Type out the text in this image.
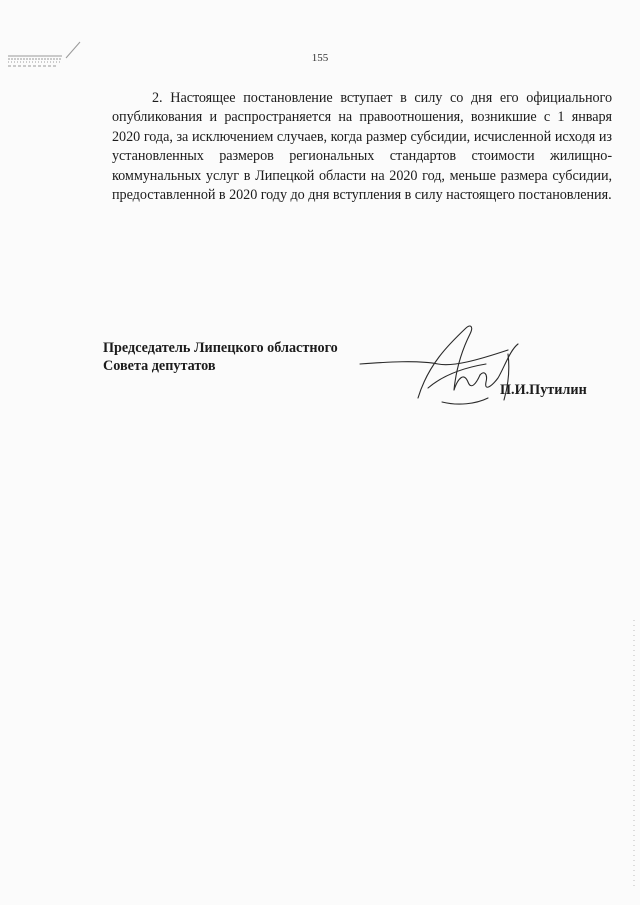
155

2. Настоящее постановление вступает в силу со дня его официального опубликования и распространяется на правоотношения, возникшие с 1 января 2020 года, за исключением случаев, когда размер субсидии, исчисленной исходя из установленных размеров региональных стандартов стоимости жилищно-коммунальных услуг в Липецкой области на 2020 год, меньше размера субсидии, предоставленной в 2020 году до дня вступления в силу настоящего постановления.

Председатель Липецкого областного
Совета депутатов
П.И.Путилин
